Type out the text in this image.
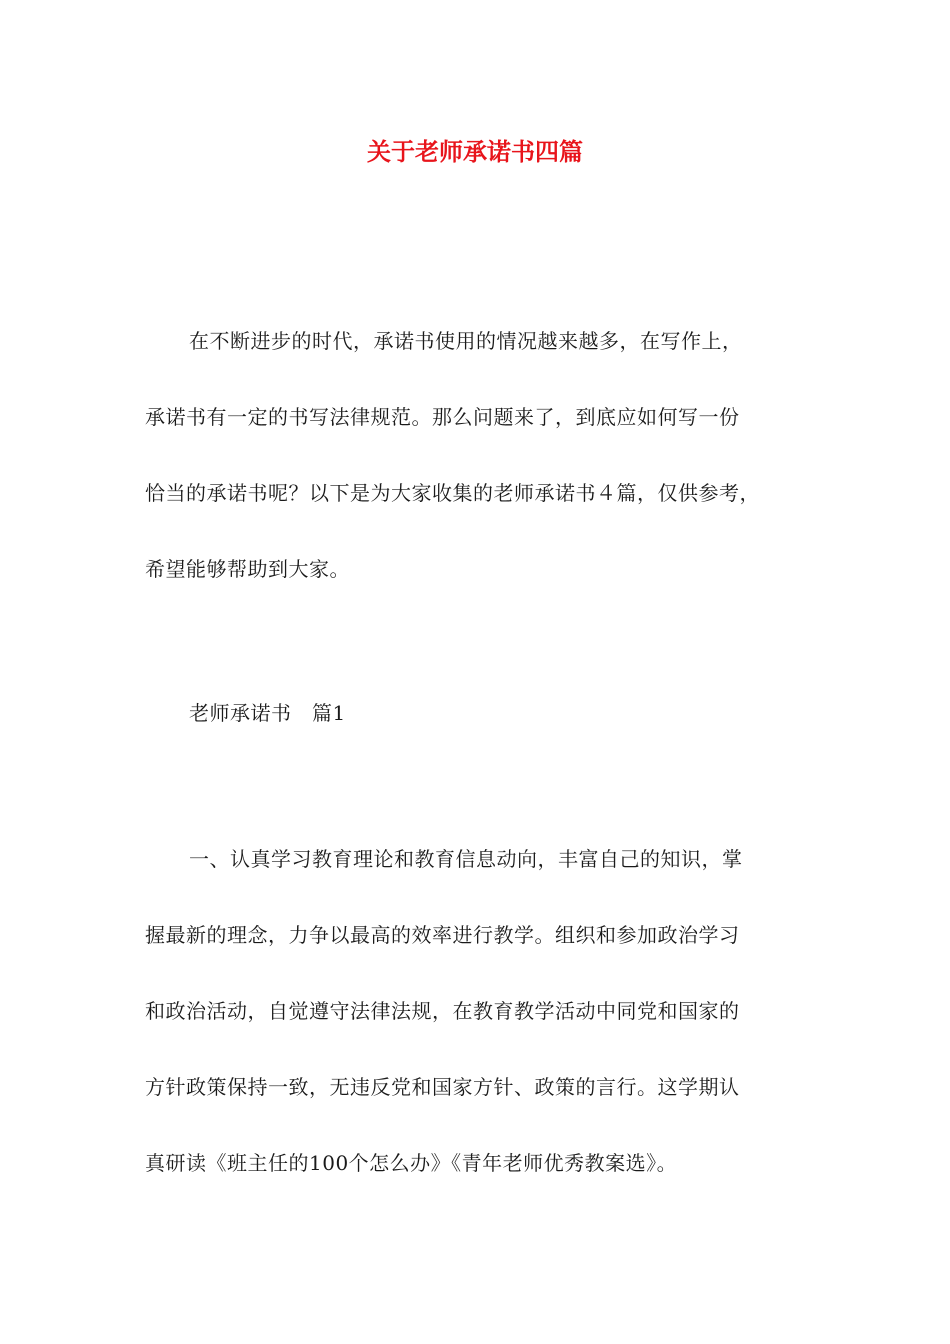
关于老师承诺书四篇
在不断进步的时代，承诺书使用的情况越来越多，在写作上，
承诺书有一定的书写法律规范。那么问题来了，到底应如何写一份
恰当的承诺书呢？以下是为大家收集的老师承诺书４篇，仅供参考，
希望能够帮助到大家。
老师承诺书　篇1
一、认真学习教育理论和教育信息动向，丰富自己的知识，掌
握最新的理念，力争以最高的效率进行教学。组织和参加政治学习
和政治活动，自觉遵守法律法规，在教育教学活动中同党和国家的
方针政策保持一致，无违反党和国家方针、政策的言行。这学期认
真研读《班主任的100个怎么办》《青年老师优秀教案选》。
